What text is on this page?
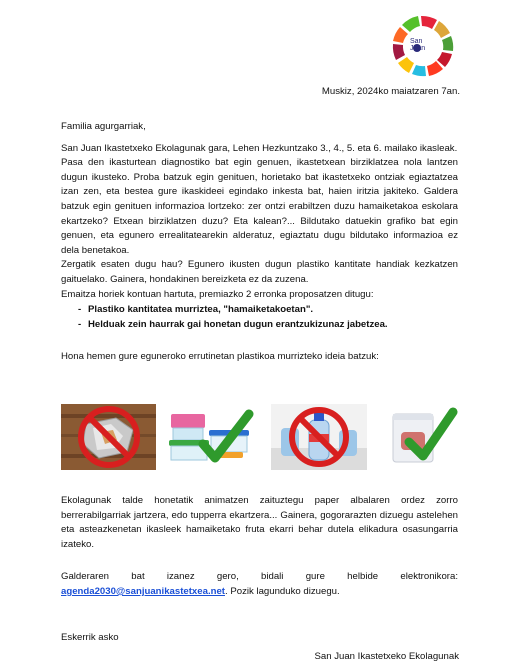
San
Juan
Muskiz, 2024ko maiatzaren 7an.

Familia agurgarriak,

San Juan Ikastetxeko Ekolagunak gara, Lehen Hezkuntzako 3., 4., 5. eta 6. mailako ikasleak.

Pasa den ikasturtean diagnostiko bat egin genuen, ikastetxean birziklatzea nola lantzen dugun ikusteko. Proba batzuk egin genituen, horietako bat ikastetxeko ontziak egiaztatzea izan zen, eta bestea gure ikaskideei egindako inkesta bat, haien iritzia jakiteko. Galdera batzuk egin genituen informazioa lortzeko: zer ontzi erabiltzen duzu hamaiketakoa eskolara ekartzeko? Etxean birziklatzen duzu? Eta kalean?... Bildutako datuekin grafiko bat egin genuen, eta egunero errealitatearekin alderatuz, egiaztatu dugu bildutako informazioa ez dela benetakoa.

Zergatik esaten dugu hau? Egunero ikusten dugun plastiko kantitate handiak kezkatzen gaituelako. Gainera, hondakinen bereizketa ez da zuzena.

Emaitza horiek kontuan hartuta, premiazko 2 erronka proposatzen ditugu:

- Plastiko kantitatea murriztea, "hamaiketakoetan".
- Helduak zein haurrak gai honetan dugun erantzukizunaz jabetzea.

Hona hemen gure eguneroko errutinetan plastikoa murrizteko ideia batzuk:

Ekolagunak talde honetatik animatzen zaituztegu paper albalaren ordez zorro berrerabilgarriak jartzera, edo tupperra ekartzera... Gainera, gogorarazten dizuegu astelehen eta asteazkenetan ikasleek hamaiketako fruta ekarri behar dutela elikadura osasungarria izateko.

Galderaren bat izanez gero, bidali gure helbide elektronikora: agenda2030@sanjuanikastetxea.net. Pozik lagunduko dizuegu.

Eskerrik asko
San Juan Ikastetxeko Ekolagunak
